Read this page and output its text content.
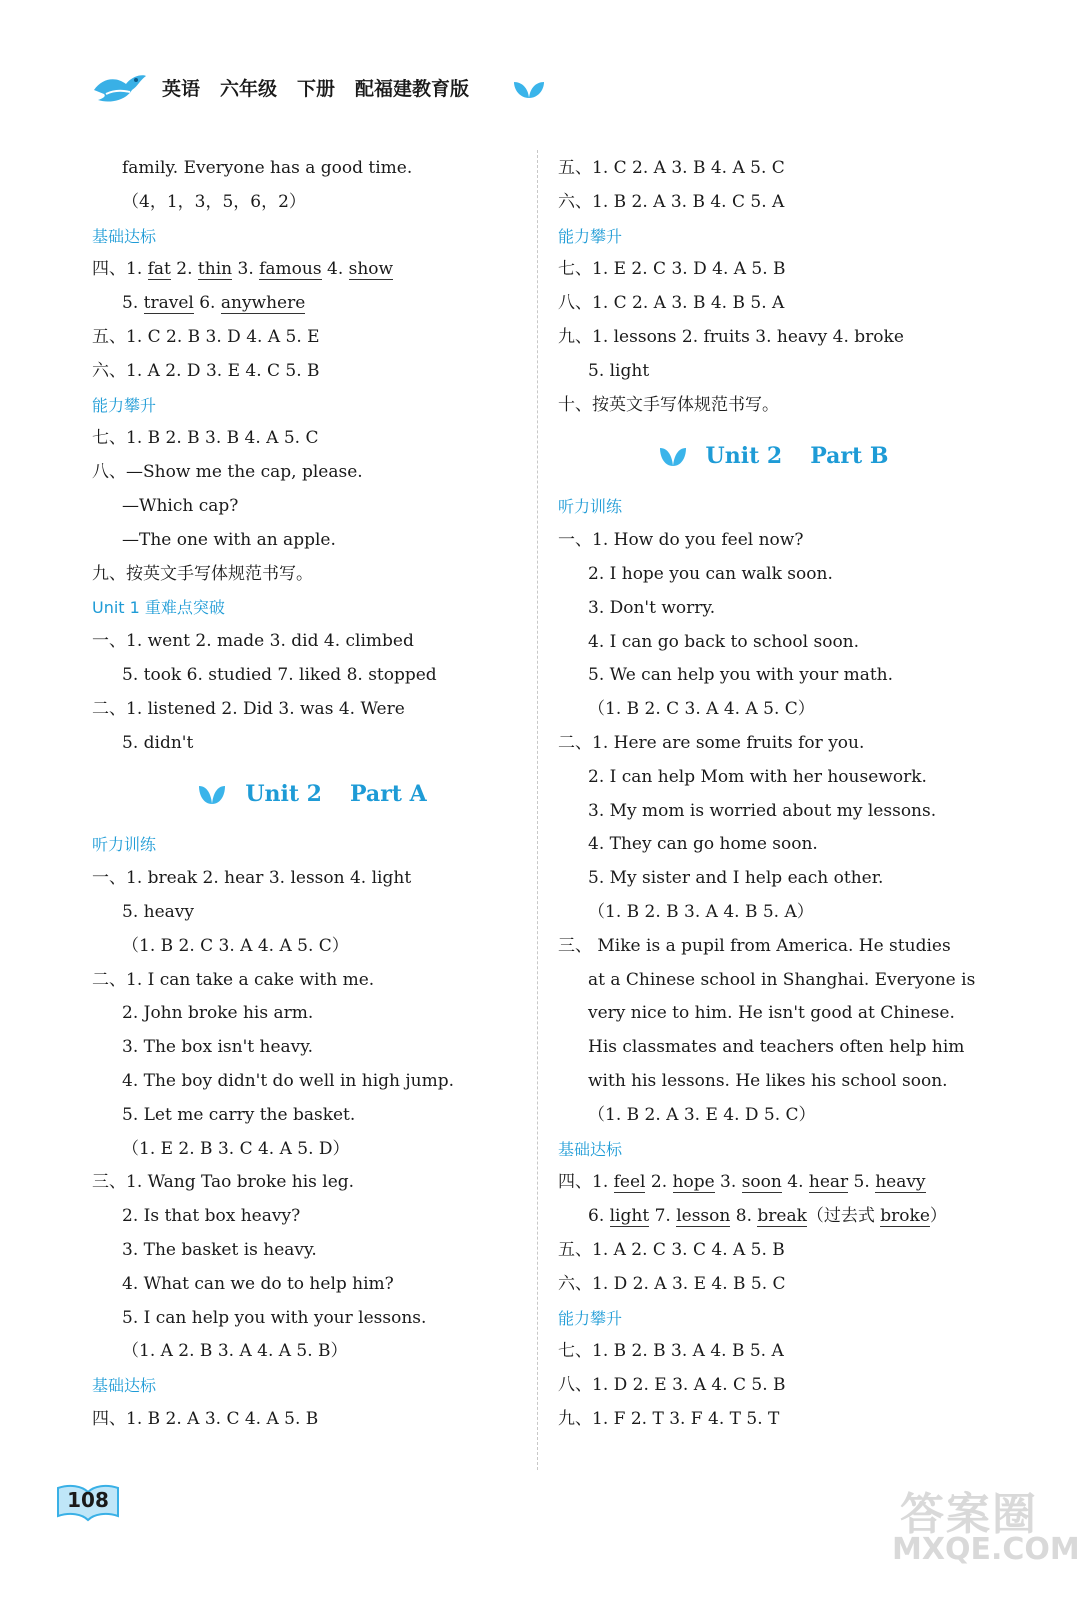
英语 六年级 下册 配福建教育版
family. Everyone has a good time.
（4，1，3，5，6，2）
基础达标
四、1. fat 2. thin 3. famous 4. show
5. travel 6. anywhere
五、1. C 2. B 3. D 4. A 5. E
六、1. A 2. D 3. E 4. C 5. B
能力攀升
七、1. B 2. B 3. B 4. A 5. C
八、—Show me the cap, please.
—Which cap?
—The one with an apple.
九、按英文手写体规范书写。
Unit 1 重难点突破
一、1. went 2. made 3. did 4. climbed
5. took 6. studied 7. liked 8. stopped
二、1. listened 2. Did 3. was 4. Were
5. didn't
Unit 2 Part A
听力训练
一、1. break 2. hear 3. lesson 4. light
5. heavy
（1. B 2. C 3. A 4. A 5. C）
二、1. I can take a cake with me.
2. John broke his arm.
3. The box isn't heavy.
4. The boy didn't do well in high jump.
5. Let me carry the basket.
（1. E 2. B 3. C 4. A 5. D）
三、1. Wang Tao broke his leg.
2. Is that box heavy?
3. The basket is heavy.
4. What can we do to help him?
5. I can help you with your lessons.
（1. A 2. B 3. A 4. A 5. B）
基础达标
四、1. B 2. A 3. C 4. A 5. B
五、1. C 2. A 3. B 4. A 5. C
六、1. B 2. A 3. B 4. C 5. A
能力攀升
七、1. E 2. C 3. D 4. A 5. B
八、1. C 2. A 3. B 4. B 5. A
九、1. lessons 2. fruits 3. heavy 4. broke
5. light
十、按英文手写体规范书写。
Unit 2 Part B
听力训练
一、1. How do you feel now?
2. I hope you can walk soon.
3. Don't worry.
4. I can go back to school soon.
5. We can help you with your math.
（1. B 2. C 3. A 4. A 5. C）
二、1. Here are some fruits for you.
2. I can help Mom with her housework.
3. My mom is worried about my lessons.
4. They can go home soon.
5. My sister and I help each other.
（1. B 2. B 3. A 4. B 5. A）
三、 Mike is a pupil from America. He studies
at a Chinese school in Shanghai. Everyone is
very nice to him. He isn't good at Chinese.
His classmates and teachers often help him
with his lessons. He likes his school soon.
（1. B 2. A 3. E 4. D 5. C）
基础达标
四、1. feel 2. hope 3. soon 4. hear 5. heavy
6. light 7. lesson 8. break（过去式 broke）
五、1. A 2. C 3. C 4. A 5. B
六、1. D 2. A 3. E 4. B 5. C
能力攀升
七、1. B 2. B 3. A 4. B 5. A
八、1. D 2. E 3. A 4. C 5. B
九、1. F 2. T 3. F 4. T 5. T
108	答案圈
MXQE.COM
